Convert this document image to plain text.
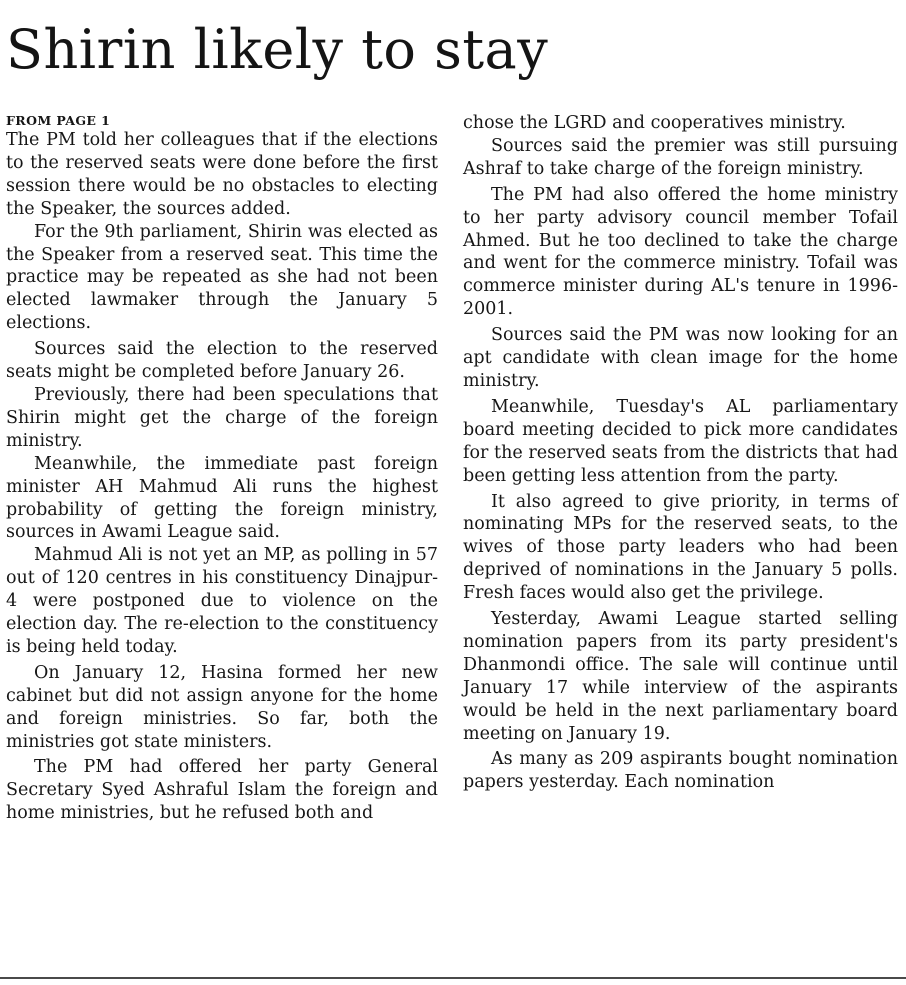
Shirin likely to stay
FROM PAGE 1

The PM told her colleagues that if the elections to the reserved seats were done before the first session there would be no obstacles to electing the Speaker, the sources added.

For the 9th parliament, Shirin was elected as the Speaker from a reserved seat. This time the practice may be repeated as she had not been elected lawmaker through the January 5 elections.

Sources said the election to the reserved seats might be completed before January 26.

Previously, there had been speculations that Shirin might get the charge of the foreign ministry.

Meanwhile, the immediate past foreign minister AH Mahmud Ali runs the highest probability of getting the foreign ministry, sources in Awami League said.

Mahmud Ali is not yet an MP, as polling in 57 out of 120 centres in his constituency Dinajpur-4 were postponed due to violence on the election day. The re-election to the constituency is being held today.

On January 12, Hasina formed her new cabinet but did not assign anyone for the home and foreign ministries. So far, both the ministries got state ministers.

The PM had offered her party General Secretary Syed Ashraful Islam the foreign and home ministries, but he refused both and

chose the LGRD and cooperatives ministry.

Sources said the premier was still pursuing Ashraf to take charge of the foreign ministry.

The PM had also offered the home ministry to her party advisory council member Tofail Ahmed. But he too declined to take the charge and went for the commerce ministry. Tofail was commerce minister during AL's tenure in 1996-2001.

Sources said the PM was now looking for an apt candidate with clean image for the home ministry.

Meanwhile, Tuesday's AL parliamentary board meeting decided to pick more candidates for the reserved seats from the districts that had been getting less attention from the party.

It also agreed to give priority, in terms of nominating MPs for the reserved seats, to the wives of those party leaders who had been deprived of nominations in the January 5 polls. Fresh faces would also get the privilege.

Yesterday, Awami League started selling nomination papers from its party president's Dhanmondi office. The sale will continue until January 17 while interview of the aspirants would be held in the next parliamentary board meeting on January 19.

As many as 209 aspirants bought nomination papers yesterday. Each nomination
